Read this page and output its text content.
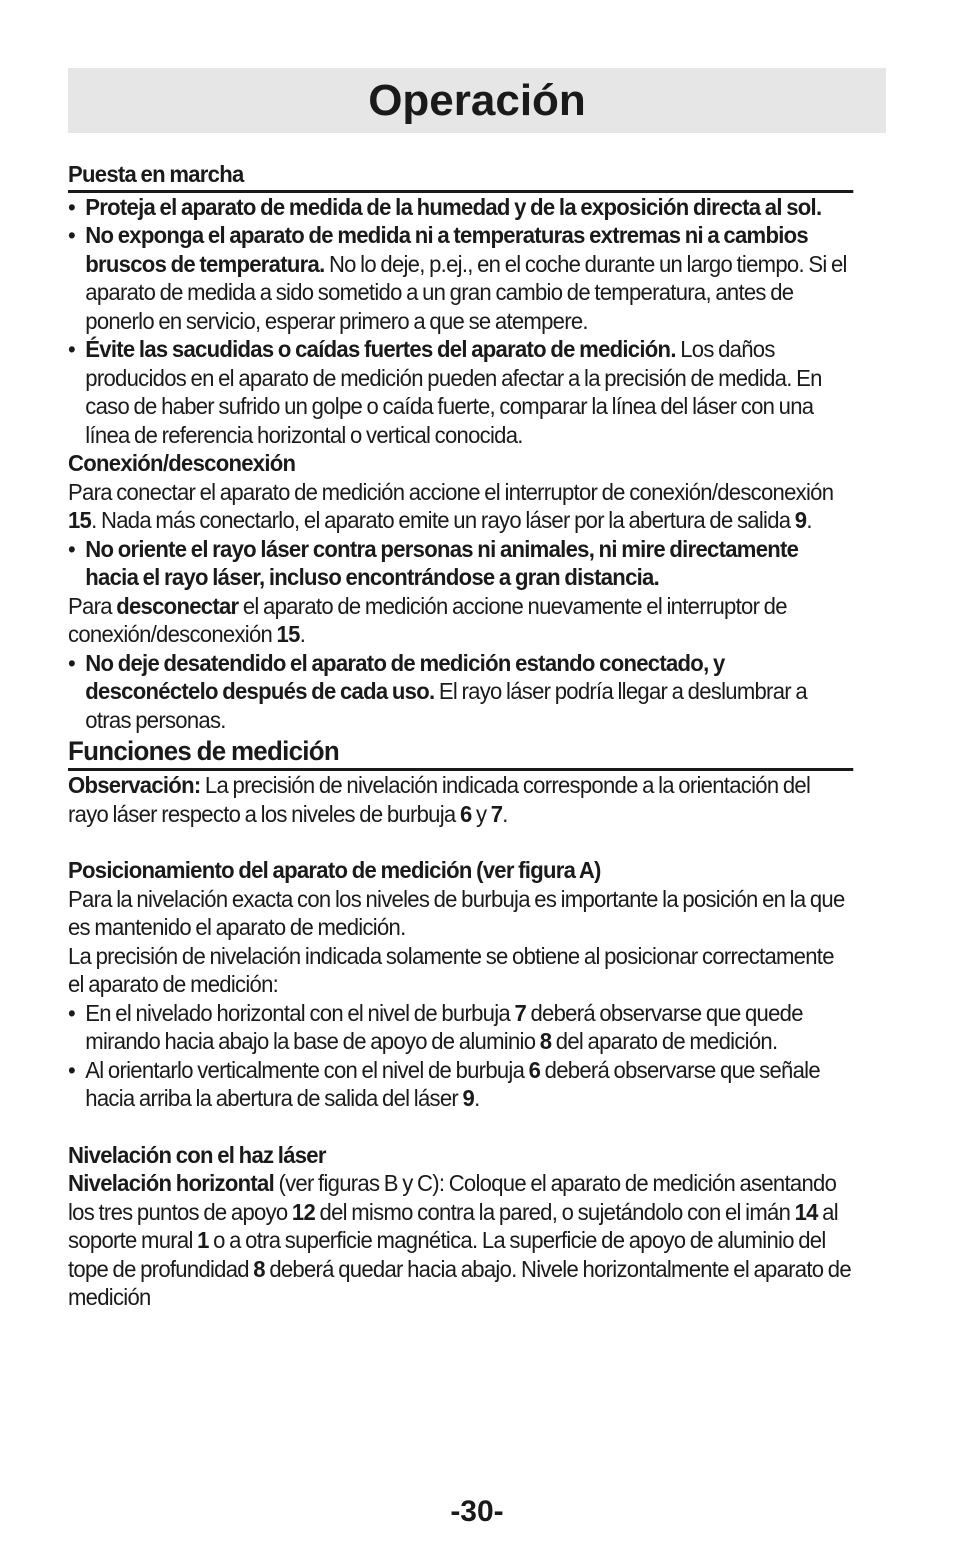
Operación

Puesta en marcha

• Proteja el aparato de medida de la humedad y de la exposición directa al sol.

• No exponga el aparato de medida ni a temperaturas extremas ni a cambios bruscos de temperatura. No lo deje, p.ej., en el coche durante un largo tiempo. Si el aparato de medida a sido sometido a un gran cambio de temperatura, antes de ponerlo en servicio, esperar primero a que se atempere.

• Évite las sacudidas o caídas fuertes del aparato de medición. Los daños producidos en el aparato de medición pueden afectar a la precisión de medida. En caso de haber sufrido un golpe o caída fuerte, comparar la línea del láser con una línea de referencia horizontal o vertical conocida.

Conexión/desconexión

Para conectar el aparato de medición accione el interruptor de conexión/desconexión 15. Nada más conectarlo, el aparato emite un rayo láser por la abertura de salida 9.

• No oriente el rayo láser contra personas ni animales, ni mire directamente hacia el rayo láser, incluso encontrándose a gran distancia.

Para desconectar el aparato de medición accione nuevamente el interruptor de conexión/desconexión 15.

• No deje desatendido el aparato de medición estando conectado, y desconéctelo después de cada uso. El rayo láser podría llegar a deslumbrar a otras personas.

Funciones de medición

Observación: La precisión de nivelación indicada corresponde a la orientación del rayo láser respecto a los niveles de burbuja 6 y 7.

Posicionamiento del aparato de medición (ver figura A)

Para la nivelación exacta con los niveles de burbuja es importante la posición en la que es mantenido el aparato de medición.

La precisión de nivelación indicada solamente se obtiene al posicionar correctamente el aparato de medición:

• En el nivelado horizontal con el nivel de burbuja 7 deberá observarse que quede mirando hacia abajo la base de apoyo de aluminio 8 del aparato de medición.

• Al orientarlo verticalmente con el nivel de burbuja 6 deberá observarse que señale hacia arriba la abertura de salida del láser 9.

Nivelación con el haz láser

Nivelación horizontal (ver figuras B y C): Coloque el aparato de medición asentando los tres puntos de apoyo 12 del mismo contra la pared, o sujetándolo con el imán 14 al soporte mural 1 o a otra superficie magnética. La superficie de apoyo de aluminio del tope de profundidad 8 deberá quedar hacia abajo. Nivele horizontalmente el aparato de medición

-30-
